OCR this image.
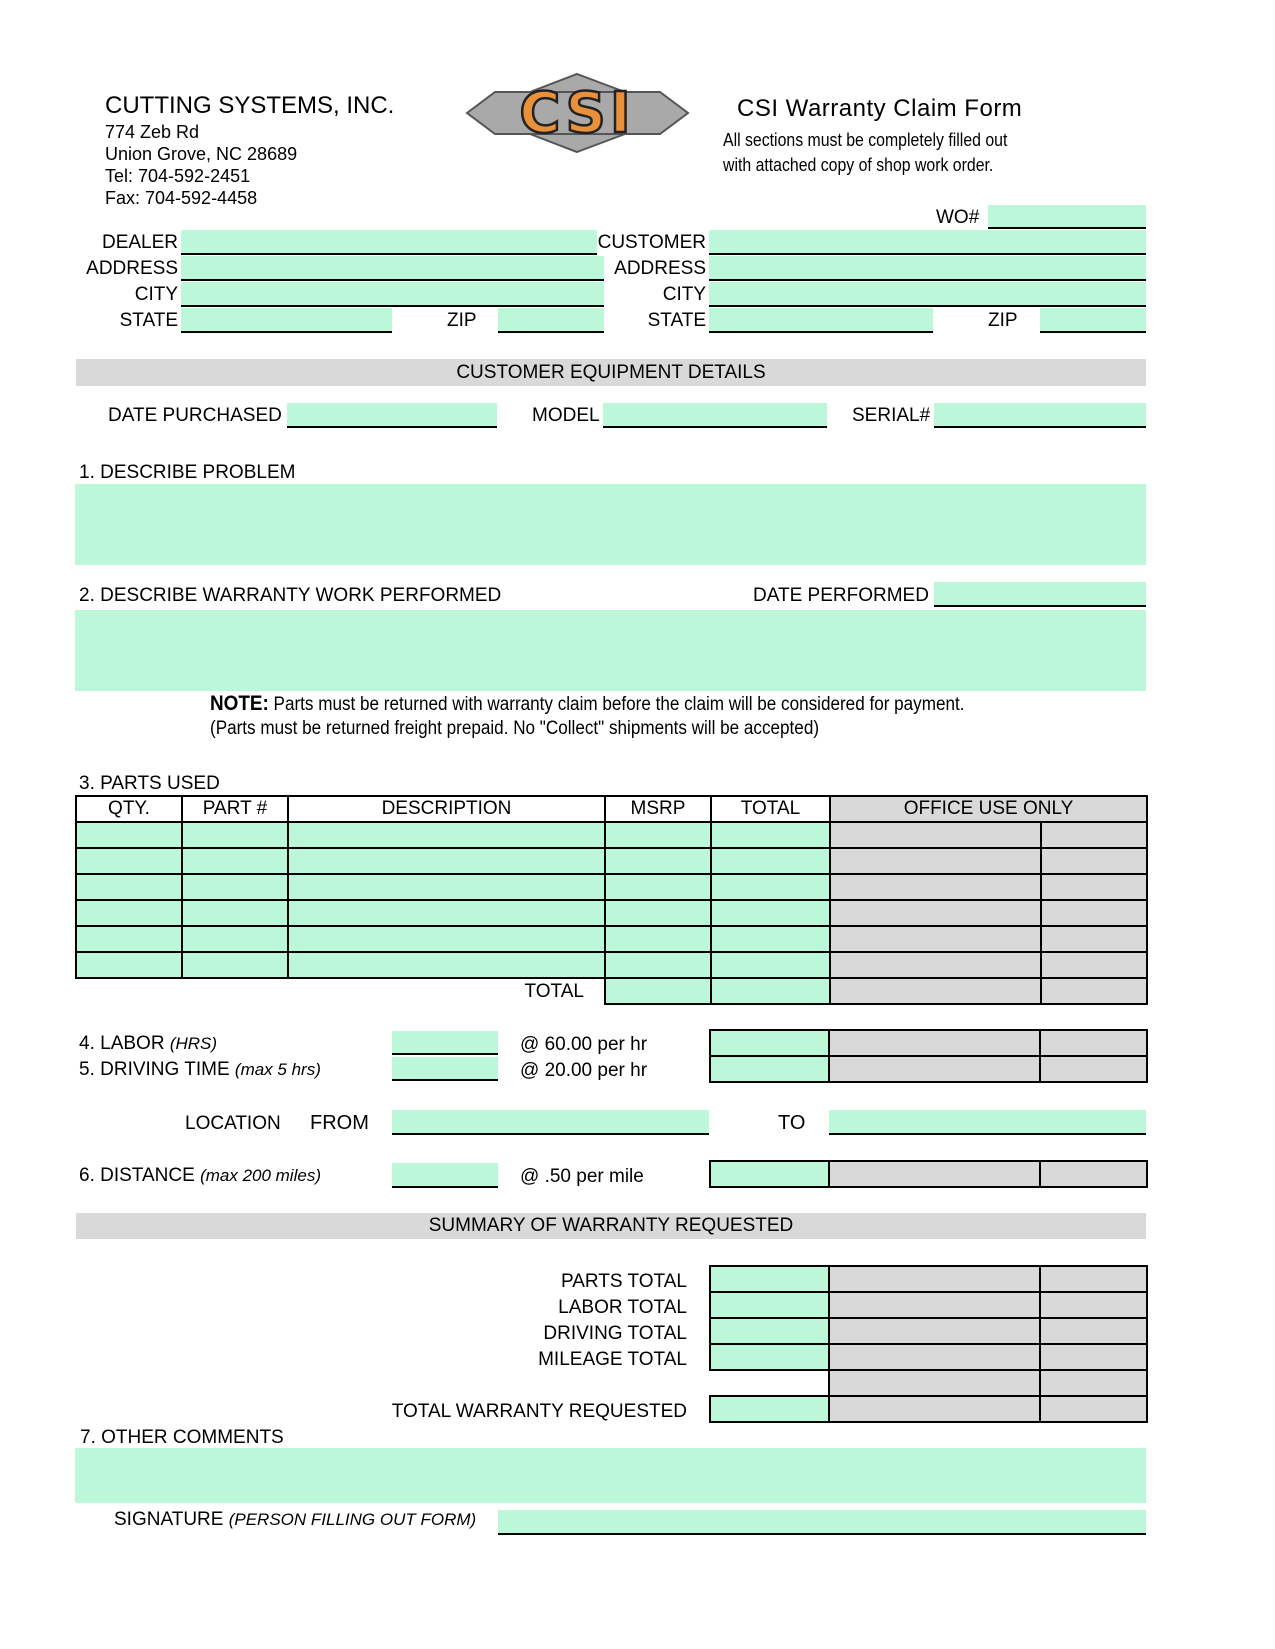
CUTTING SYSTEMS, INC.
774 Zeb Rd
Union Grove, NC 28689
Tel: 704-592-2451
Fax: 704-592-4458
CSI	CSI Warranty Claim Form
All sections must be completely filled out
with attached copy of shop work order.
WO#
DEALER
ADDRESS
CITY
STATE	ZIP
CUSTOMER
ADDRESS
CITY
STATE	ZIP
CUSTOMER EQUIPMENT DETAILS
DATE PURCHASED	MODEL	SERIAL#
1. DESCRIBE PROBLEM
2. DESCRIBE WARRANTY WORK PERFORMED	DATE PERFORMED
NOTE: Parts must be returned with warranty claim before the claim will be considered for payment.
(Parts must be returned freight prepaid. No "Collect" shipments will be accepted)
3. PARTS USED
QTY.	PART #	DESCRIPTION	MSRP	TOTAL	OFFICE USE ONLY	

TOTAL						
4. LABOR (HRS)	@ 60.00 per hr
5. DRIVING TIME (max 5 hrs)	@ 20.00 per hr

LOCATION FROM	TO
6. DISTANCE (max 200 miles)	@ .50 per mile

SUMMARY OF WARRANTY REQUESTED
PARTS TOTAL
LABOR TOTAL
DRIVING TOTAL
MILEAGE TOTAL
TOTAL WARRANTY REQUESTED

7. OTHER COMMENTS
SIGNATURE (PERSON FILLING OUT FORM)
